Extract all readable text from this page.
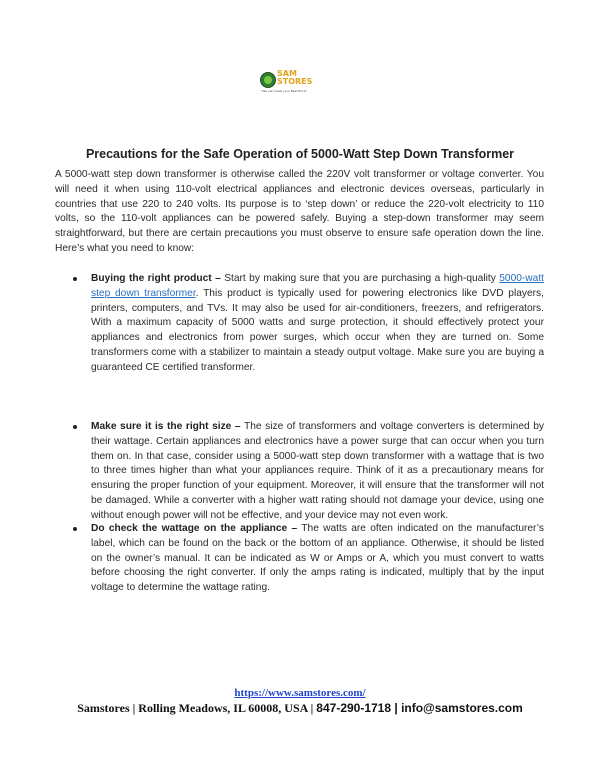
SAM STORES
"We can meet your Best Price"
Precautions for the Safe Operation of 5000-Watt Step Down Transformer

A 5000-watt step down transformer is otherwise called the 220V volt transformer or voltage converter. You will need it when using 110-volt electrical appliances and electronic devices overseas, particularly in countries that use 220 to 240 volts. Its purpose is to ‘step down’ or reduce the 220-volt electricity to 110 volts, so the 110-volt appliances can be powered safely. Buying a step-down transformer may seem straightforward, but there are certain precautions you must observe to ensure safe operation down the line. Here’s what you need to know:

Buying the right product – Start by making sure that you are purchasing a high-quality 5000-watt step down transformer. This product is typically used for powering electronics like DVD players, printers, computers, and TVs. It may also be used for air-conditioners, freezers, and refrigerators. With a maximum capacity of 5000 watts and surge protection, it should effectively protect your appliances and electronics from power surges, which occur when they are turned on. Some transformers come with a stabilizer to maintain a steady output voltage. Make sure you are buying a guaranteed CE certified transformer.
Make sure it is the right size – The size of transformers and voltage converters is determined by their wattage. Certain appliances and electronics have a power surge that can occur when you turn them on. In that case, consider using a 5000-watt step down transformer with a wattage that is two to three times higher than what your appliances require. Think of it as a precautionary means for ensuring the proper function of your equipment. Moreover, it will ensure that the transformer will not be damaged. While a converter with a higher watt rating should not damage your device, using one without enough power will not be effective, and your device may not even work.
Do check the wattage on the appliance – The watts are often indicated on the manufacturer’s label, which can be found on the back or the bottom of an appliance. Otherwise, it should be listed on the owner’s manual. It can be indicated as W or Amps or A, which you must convert to watts before choosing the right converter. If only the amps rating is indicated, multiply that by the input voltage to determine the wattage rating.
https://www.samstores.com/
Samstores | Rolling Meadows, IL 60008, USA | 847-290-1718 | info@samstores.com
